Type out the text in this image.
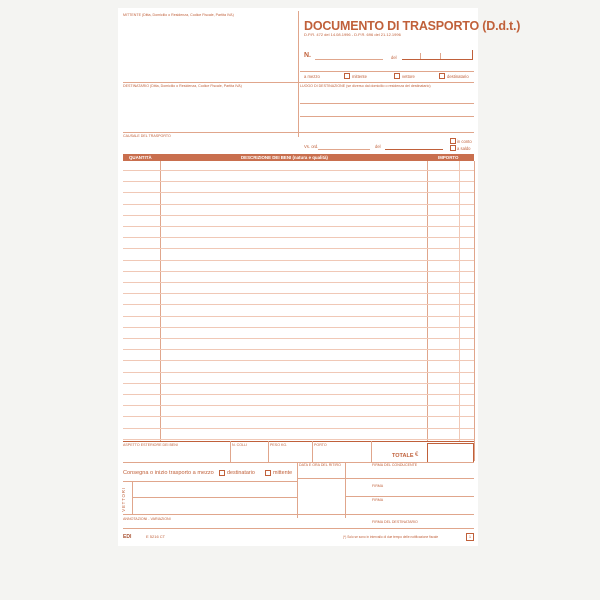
MITTENTE (Ditta, Domicilio o Residenza, Codice Fiscale, Partita IVA)
DOCUMENTO DI TRASPORTO (D.d.t.)
D.P.R. 472 del 14.08.1996 - D.P.R. 696 del 21.12.1996
N.	del
a mezzo	mittente	vettore	destinatario
DESTINATARIO (Ditta, Domicilio o Residenza, Codice Fiscale, Partita IVA)	LUOGO DI DESTINAZIONE (se diverso dal domicilio o residenza del destinatario)
CAUSALE DEL TRASPORTO
Vs. ord.	del
in conto
a saldo
QUANTITÀ	DESCRIZIONE DEI BENI (natura e qualità)	IMPORTO
ASPETTO ESTERIORE DEI BENI	N. COLLI	PESO KG.	PORTO
TOTALE €
Consegna o inizio trasporto a mezzo destinatario	mittente
DATA E ORA DEL RITIRO	FIRMA DEL CONDUCENTE
VETTORI
FIRMA
FIRMA
ANNOTAZIONI - VARIAZIONI
FIRMA DEL DESTINATARIO
EDI	E 5216 CT	(*) Solo se sono in intervallo di due tempo delle notificazione fiscale	1
